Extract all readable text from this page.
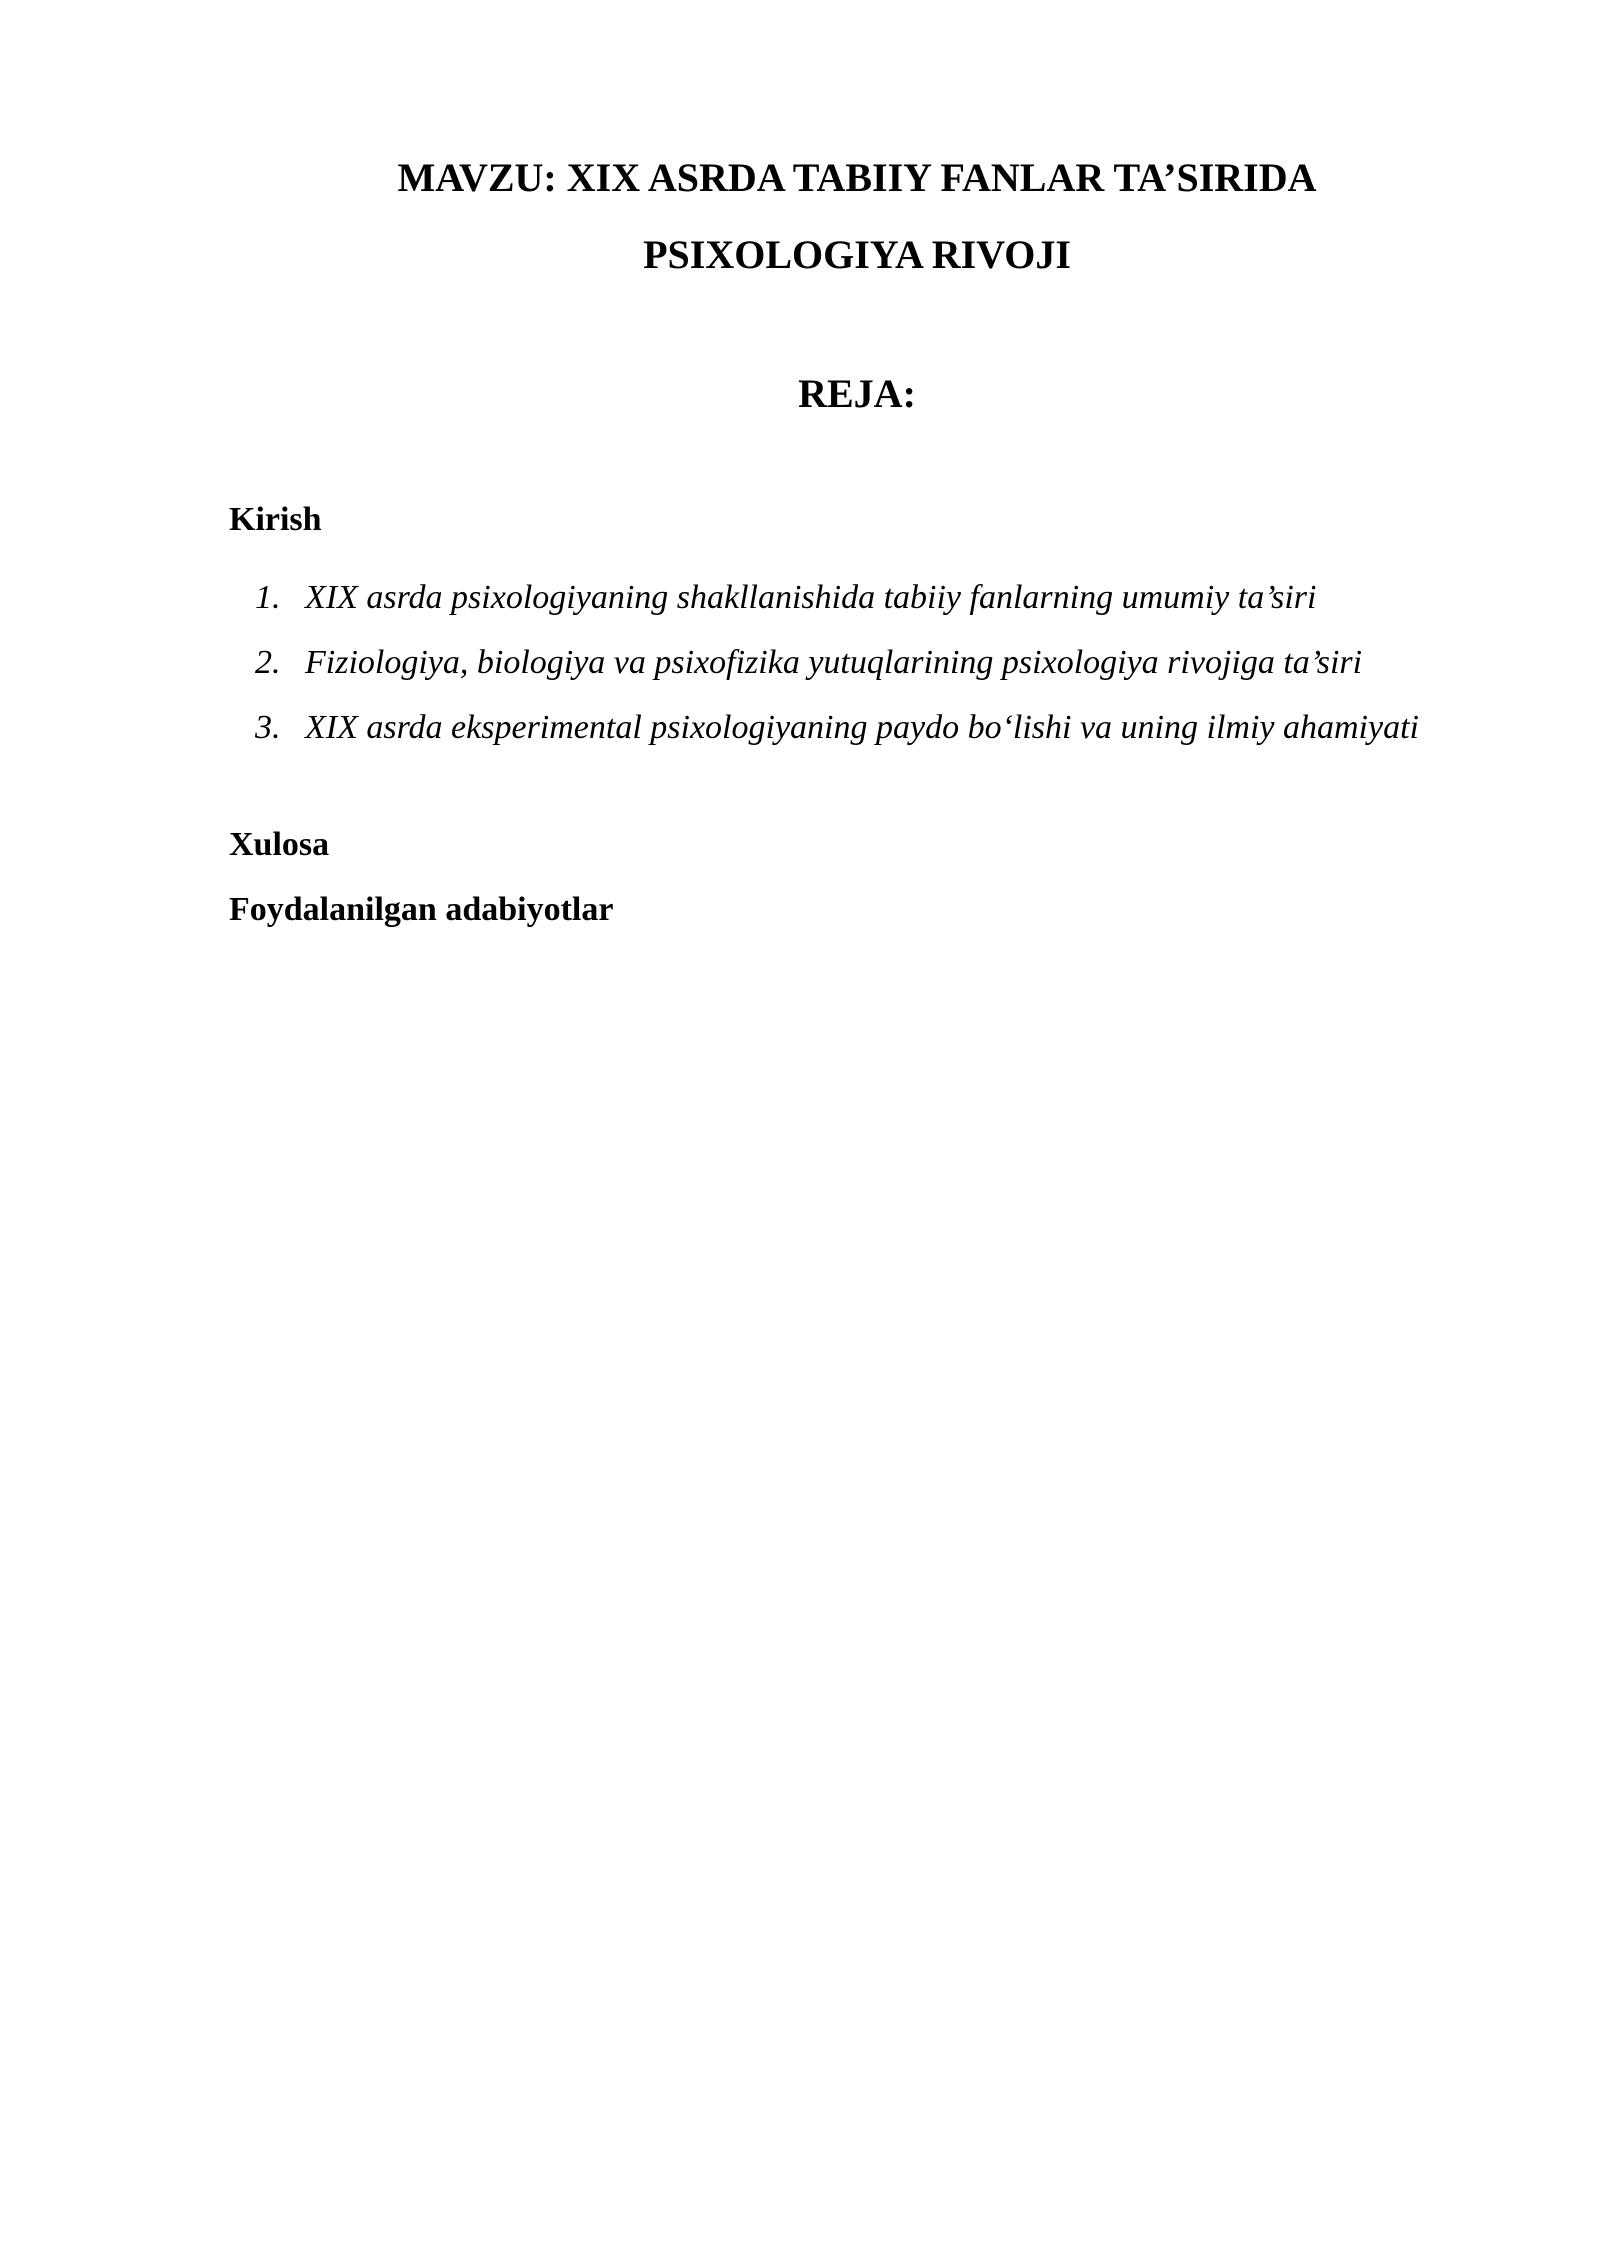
MAVZU: XIX ASRDA TABIIY FANLAR TA’SIRIDA
PSIXOLOGIYA RIVOJI
REJA:
Kirish
1. XIX asrda psixologiyaning shakllanishida tabiiy fanlarning umumiy ta’siri
2. Fiziologiya, biologiya va psixofizika yutuqlarining psixologiya rivojiga ta’siri
3. XIX asrda eksperimental psixologiyaning paydo bo‘lishi va uning ilmiy ahamiyati
Xulosa
Foydalanilgan adabiyotlar
